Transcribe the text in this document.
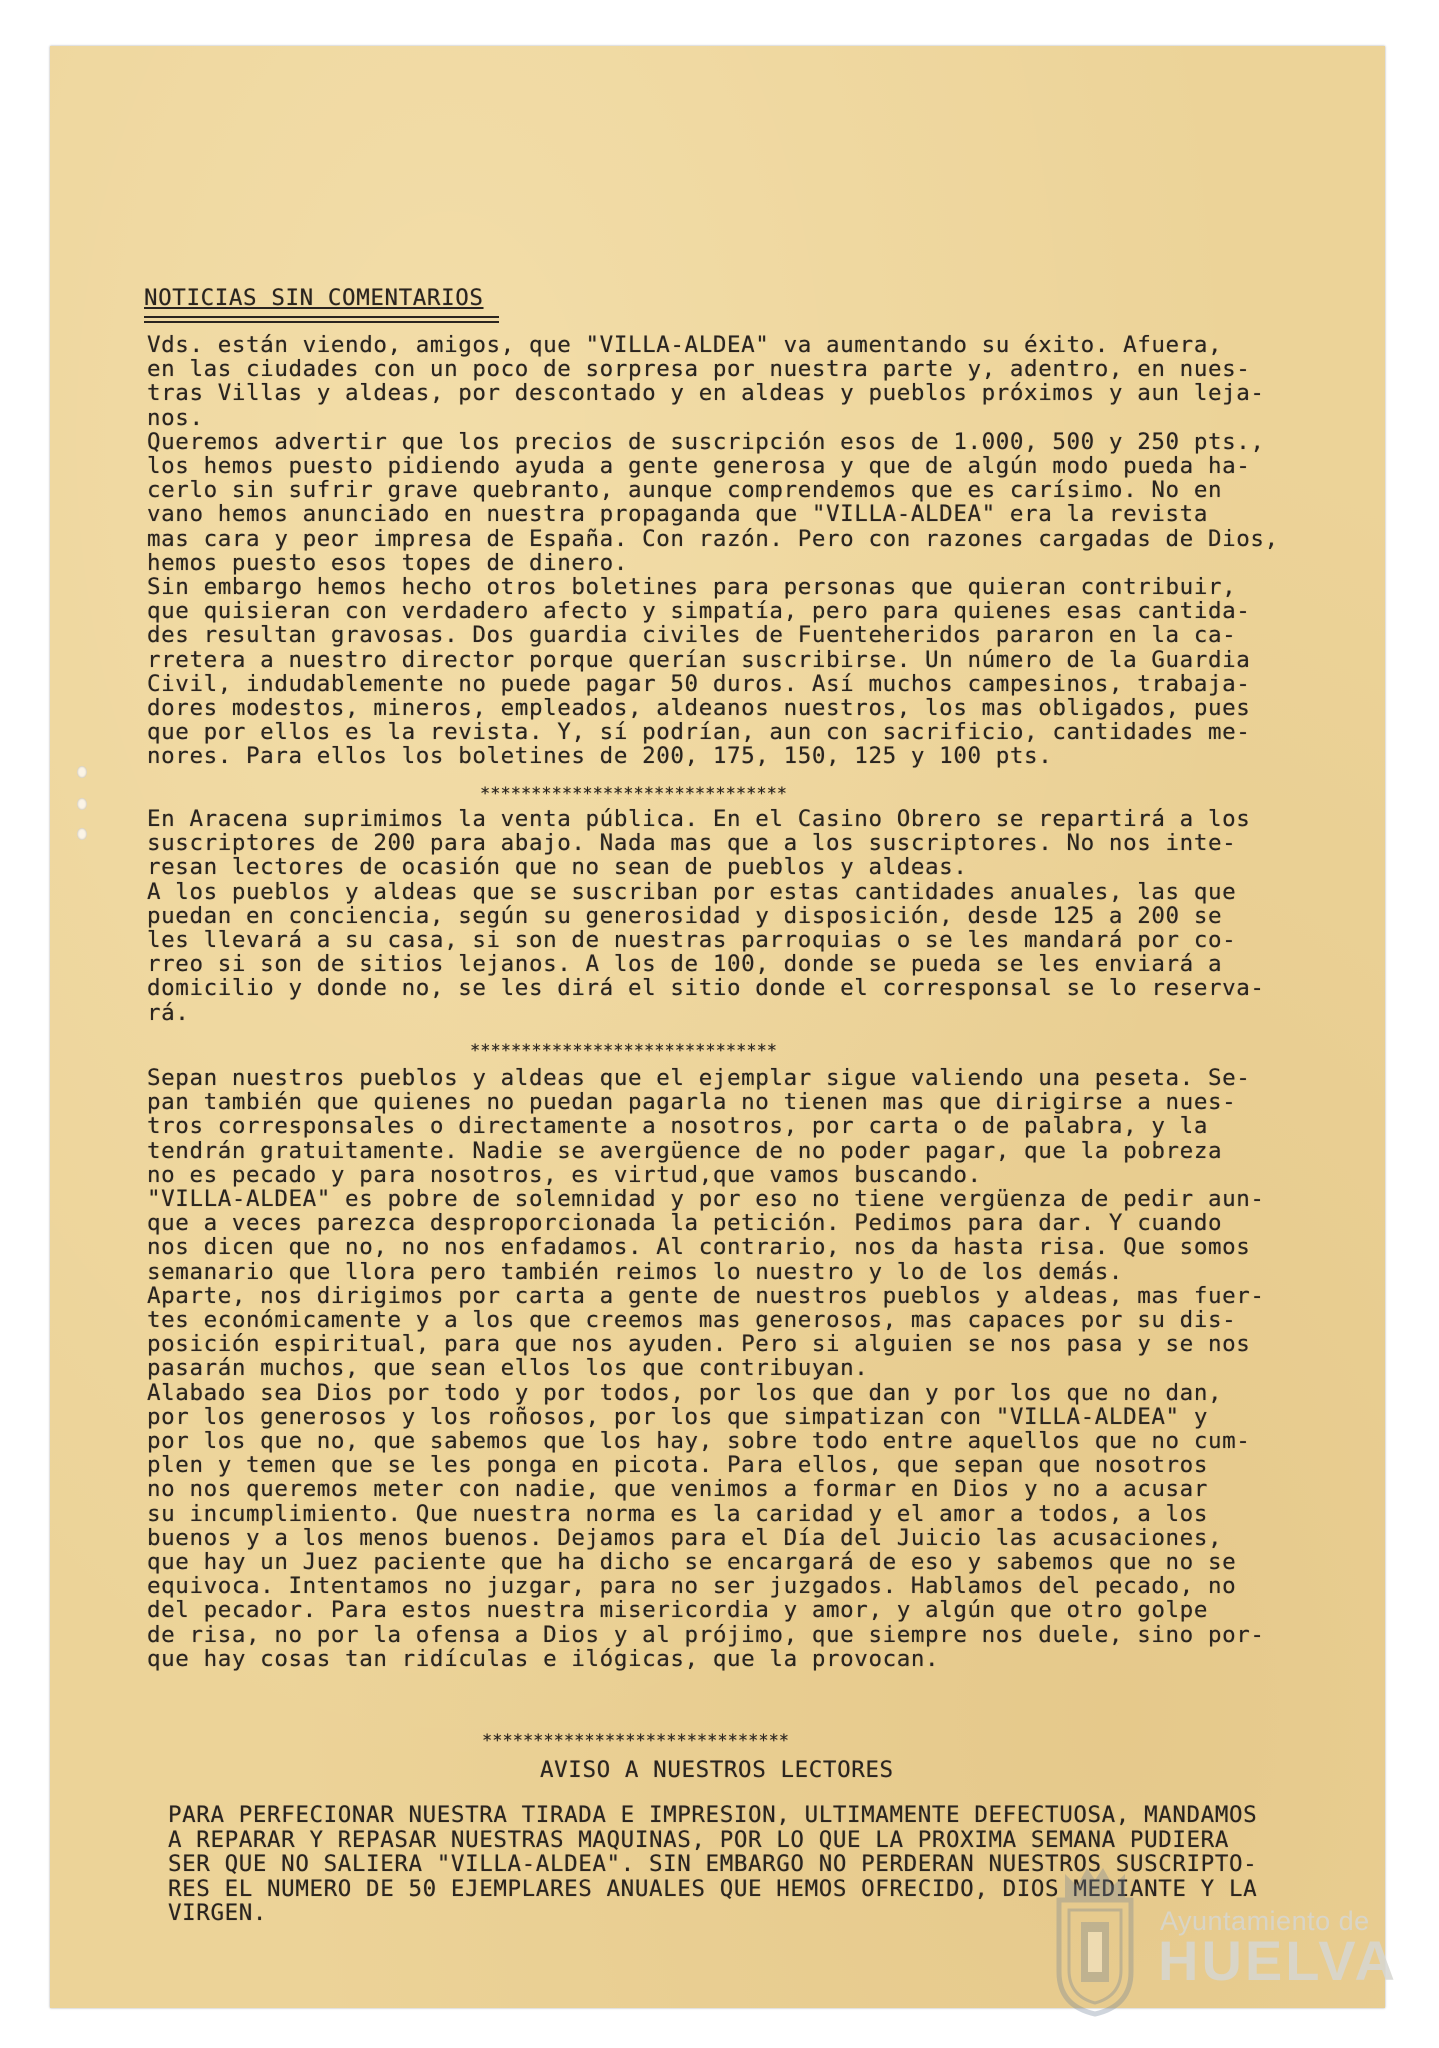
NOTICIAS SIN COMENTARIOS
Vds. están viendo, amigos, que "VILLA-ALDEA" va aumentando su éxito. Afuera,
en las ciudades con un poco de sorpresa por nuestra parte y, adentro, en nues-
tras Villas y aldeas, por descontado y en aldeas y pueblos próximos y aun leja-
nos.
Queremos advertir que los precios de suscripción esos de 1.000, 500 y 250 pts.,
los hemos puesto pidiendo ayuda a gente generosa y que de algún modo pueda ha-
cerlo sin sufrir grave quebranto, aunque comprendemos que es carísimo. No en
vano hemos anunciado en nuestra propaganda que "VILLA-ALDEA" era la revista
mas cara y peor impresa de España. Con razón. Pero con razones cargadas de Dios,
hemos puesto esos topes de dinero.
Sin embargo hemos hecho otros boletines para personas que quieran contribuir,
que quisieran con verdadero afecto y simpatía, pero para quienes esas cantida-
des resultan gravosas. Dos guardia civiles de Fuenteheridos pararon en la ca-
rretera a nuestro director porque querían suscribirse. Un número de la Guardia
Civil, indudablemente no puede pagar 50 duros. Así muchos campesinos, trabaja-
dores modestos, mineros, empleados, aldeanos nuestros, los mas obligados, pues
que por ellos es la revista. Y, sí podrían, aun con sacrificio, cantidades me-
nores. Para ellos los boletines de 200, 175, 150, 125 y 100 pts.
******************************
En Aracena suprimimos la venta pública. En el Casino Obrero se repartirá a los
suscriptores de 200 para abajo. Nada mas que a los suscriptores. No nos inte-
resan lectores de ocasión que no sean de pueblos y aldeas.
A los pueblos y aldeas que se suscriban por estas cantidades anuales, las que
puedan en conciencia, según su generosidad y disposición, desde 125 a 200 se
les llevará a su casa, si son de nuestras parroquias o se les mandará por co-
rreo si son de sitios lejanos. A los de 100, donde se pueda se les enviará a
domicilio y donde no, se les dirá el sitio donde el corresponsal se lo reserva-
rá.
******************************
Sepan nuestros pueblos y aldeas que el ejemplar sigue valiendo una peseta. Se-
pan también que quienes no puedan pagarla no tienen mas que dirigirse a nues-
tros corresponsales o directamente a nosotros, por carta o de palabra, y la
tendrán gratuitamente. Nadie se avergüence de no poder pagar, que la pobreza
no es pecado y para nosotros, es virtud,que vamos buscando.
"VILLA-ALDEA" es pobre de solemnidad y por eso no tiene vergüenza de pedir aun-
que a veces parezca desproporcionada la petición. Pedimos para dar. Y cuando
nos dicen que no, no nos enfadamos. Al contrario, nos da hasta risa. Que somos
semanario que llora pero también reimos lo nuestro y lo de los demás.
Aparte, nos dirigimos por carta a gente de nuestros pueblos y aldeas, mas fuer-
tes económicamente y a los que creemos mas generosos, mas capaces por su dis-
posición espiritual, para que nos ayuden. Pero si alguien se nos pasa y se nos
pasarán muchos, que sean ellos los que contribuyan.
Alabado sea Dios por todo y por todos, por los que dan y por los que no dan,
por los generosos y los roñosos, por los que simpatizan con "VILLA-ALDEA" y
por los que no, que sabemos que los hay, sobre todo entre aquellos que no cum-
plen y temen que se les ponga en picota. Para ellos, que sepan que nosotros
no nos queremos meter con nadie, que venimos a formar en Dios y no a acusar
su incumplimiento. Que nuestra norma es la caridad y el amor a todos, a los
buenos y a los menos buenos. Dejamos para el Día del Juicio las acusaciones,
que hay un Juez paciente que ha dicho se encargará de eso y sabemos que no se
equivoca. Intentamos no juzgar, para no ser juzgados. Hablamos del pecado, no
del pecador. Para estos nuestra misericordia y amor, y algún que otro golpe
de risa, no por la ofensa a Dios y al prójimo, que siempre nos duele, sino por-
que hay cosas tan ridículas e ilógicas, que la provocan.
******************************
AVISO A NUESTROS LECTORES
PARA PERFECIONAR NUESTRA TIRADA E IMPRESION, ULTIMAMENTE DEFECTUOSA, MANDAMOS
A REPARAR Y REPASAR NUESTRAS MAQUINAS, POR LO QUE LA PROXIMA SEMANA PUDIERA
SER QUE NO SALIERA "VILLA-ALDEA". SIN EMBARGO NO PERDERAN NUESTROS SUSCRIPTO-
RES EL NUMERO DE 50 EJEMPLARES ANUALES QUE HEMOS OFRECIDO, DIOS MEDIANTE Y LA
VIRGEN.	Ayuntamiento de
HUELVA
